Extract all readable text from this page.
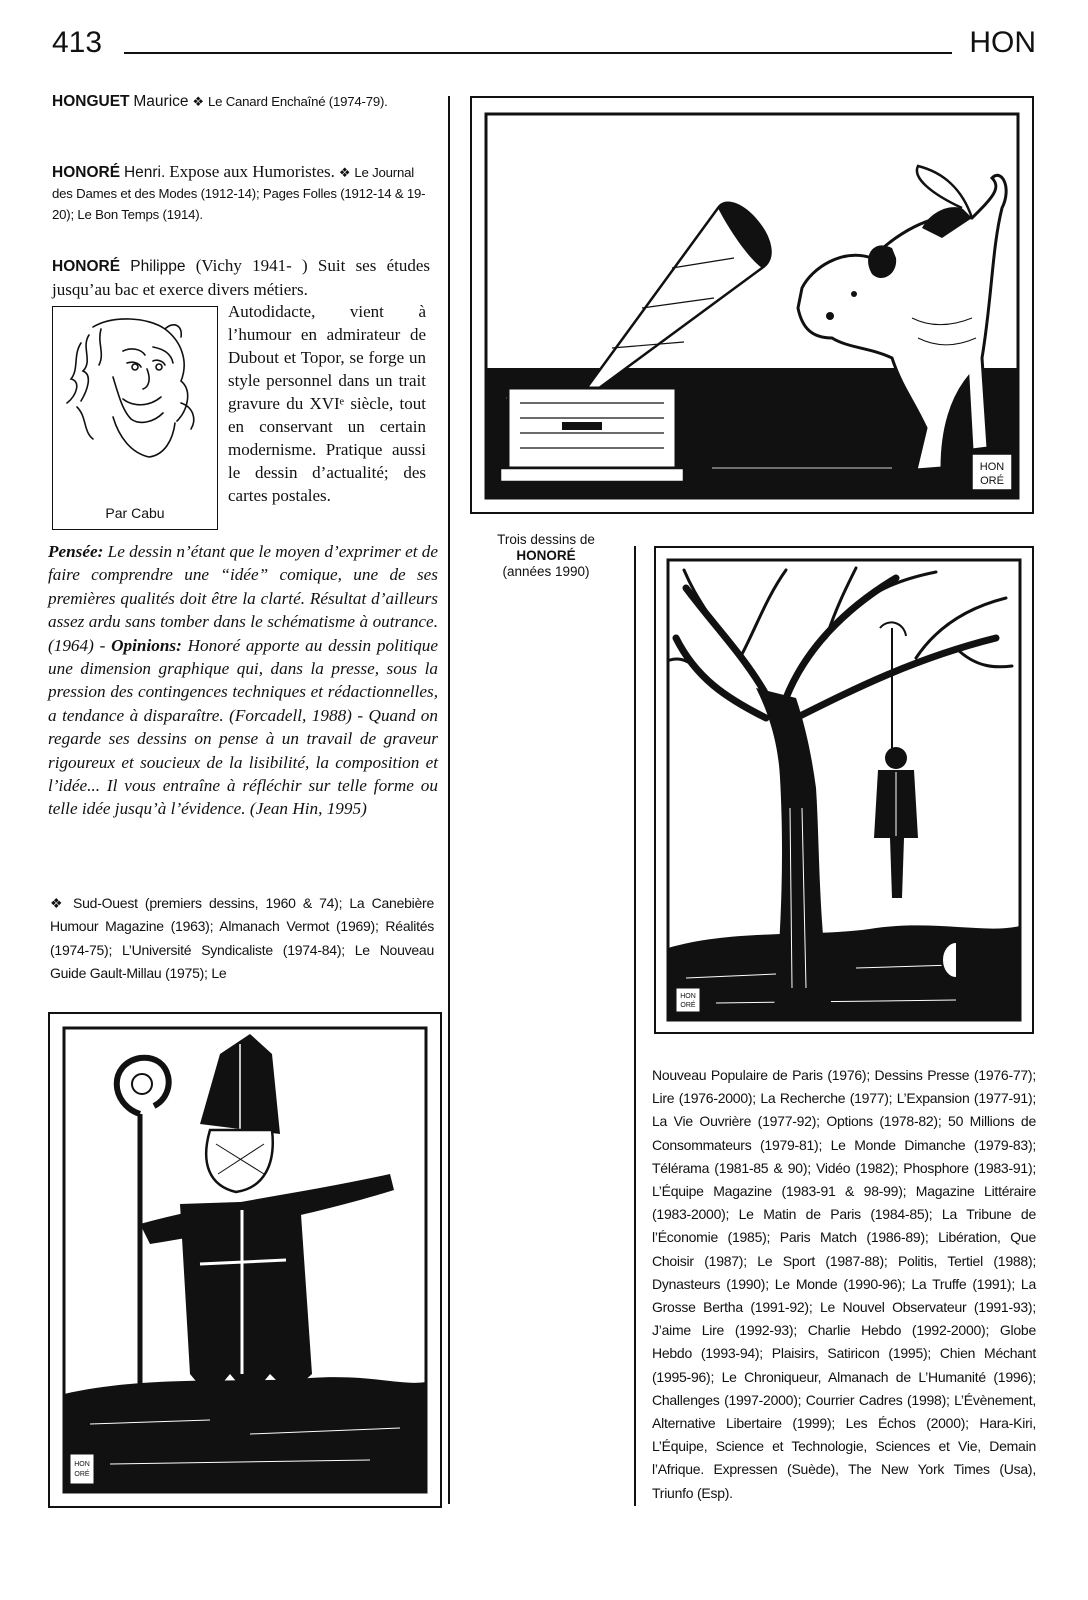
413	HON
HONGUET Maurice ❖ Le Canard Enchaîné (1974-79).
HONORÉ Henri. Expose aux Humoristes. ❖ Le Journal des Dames et des Modes (1912-14); Pages Folles (1912-14 & 19-20); Le Bon Temps (1914).
HONORÉ Philippe (Vichy 1941- ) Suit ses études jusqu’au bac et exerce divers métiers.
Par Cabu
Autodidacte, vient à l’humour en admirateur de Dubout et Topor, se forge un style personnel dans un trait gravure du XVIᵉ siècle, tout en conservant un certain modernisme. Pratique aussi le dessin d’actualité; des cartes postales.
Pensée: Le dessin n’étant que le moyen d’exprimer et de faire comprendre une “idée” comique, une de ses premières qualités doit être la clarté. Résultat d’ailleurs assez ardu sans tomber dans le schématisme à outrance. (1964) - Opinions: Honoré apporte au dessin politique une dimension graphique qui, dans la presse, sous la pression des contingences techniques et rédactionnelles, a tendance à disparaître. (Forcadell, 1988) - Quand on regarde ses dessins on pense à un travail de graveur rigoureux et soucieux de la lisibilité, la composition et l’idée... Il vous entraîne à réfléchir sur telle forme ou telle idée jusqu’à l’évidence. (Jean Hin, 1995)
❖ Sud-Ouest (premiers dessins, 1960 & 74); La Canebière Humour Magazine (1963); Almanach Vermot (1969); Réalités (1974-75); L’Université Syndicaliste (1974-84); Le Nouveau Guide Gault-Millau (1975); Le
HON
ORÉ
Trois dessins de
HONORÉ
(années 1990)
HON
ORÉ
HON
ORÉ
Nouveau Populaire de Paris (1976); Dessins Presse (1976-77); Lire (1976-2000); La Recherche (1977); L’Expansion (1977-91); La Vie Ouvrière (1977-92); Options (1978-82); 50 Millions de Consommateurs (1979-81); Le Monde Dimanche (1979-83); Télérama (1981-85 & 90); Vidéo (1982); Phosphore (1983-91); L’Équipe Magazine (1983-91 & 98-99); Magazine Littéraire (1983-2000); Le Matin de Paris (1984-85); La Tribune de l’Économie (1985); Paris Match (1986-89); Libération, Que Choisir (1987); Le Sport (1987-88); Politis, Tertiel (1988); Dynasteurs (1990); Le Monde (1990-96); La Truffe (1991); La Grosse Bertha (1991-92); Le Nouvel Observateur (1991-93); J’aime Lire (1992-93); Charlie Hebdo (1992-2000); Globe Hebdo (1993-94); Plaisirs, Satiricon (1995); Chien Méchant (1995-96); Le Chroniqueur, Almanach de L’Humanité (1996); Challenges (1997-2000); Courrier Cadres (1998); L’Évènement, Alternative Libertaire (1999); Les Échos (2000); Hara-Kiri, L’Équipe, Science et Technologie, Sciences et Vie, Demain l’Afrique. Expressen (Suède), The New York Times (Usa), Triunfo (Esp).
